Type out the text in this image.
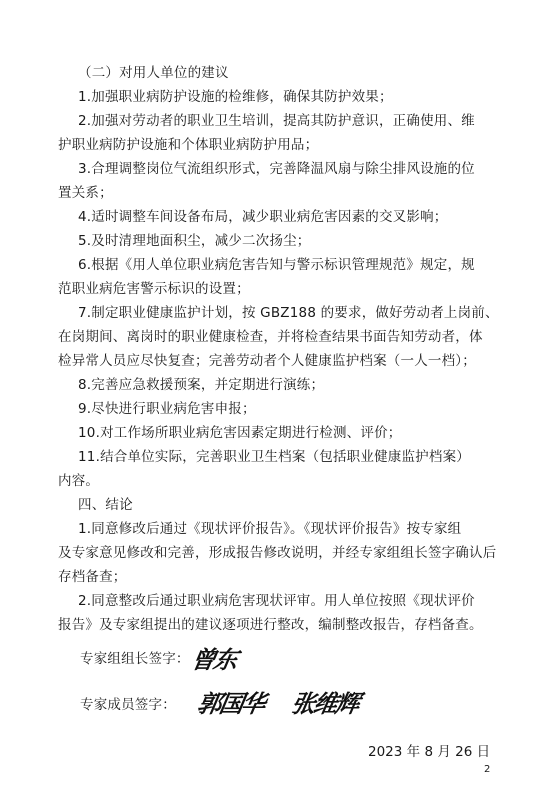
（二）对用人单位的建议
1.加强职业病防护设施的检维修，确保其防护效果；
2.加强对劳动者的职业卫生培训，提高其防护意识，正确使用、维
护职业病防护设施和个体职业病防护用品；
3.合理调整岗位气流组织形式，完善降温风扇与除尘排风设施的位
置关系；
4.适时调整车间设备布局，减少职业病危害因素的交叉影响；
5.及时清理地面积尘，减少二次扬尘；
6.根据《用人单位职业病危害告知与警示标识管理规范》规定，规
范职业病危害警示标识的设置；
7.制定职业健康监护计划，按 GBZ188 的要求，做好劳动者上岗前、
在岗期间、离岗时的职业健康检查，并将检查结果书面告知劳动者，体
检异常人员应尽快复查；完善劳动者个人健康监护档案（一人一档）；
8.完善应急救援预案，并定期进行演练；
9.尽快进行职业病危害申报；
10.对工作场所职业病危害因素定期进行检测、评价；
11.结合单位实际，完善职业卫生档案（包括职业健康监护档案）
内容。
四、结论
1.同意修改后通过《现状评价报告》。《现状评价报告》按专家组
及专家意见修改和完善，形成报告修改说明，并经专家组组长签字确认后
存档备查；
2.同意整改后通过职业病危害现状评审。用人单位按照《现状评价
报告》及专家组提出的建议逐项进行整改，编制整改报告，存档备查。
专家组组长签字： 曾东
专家成员签字： 郭国华 张维辉
2023 年 8 月 26 日
2
